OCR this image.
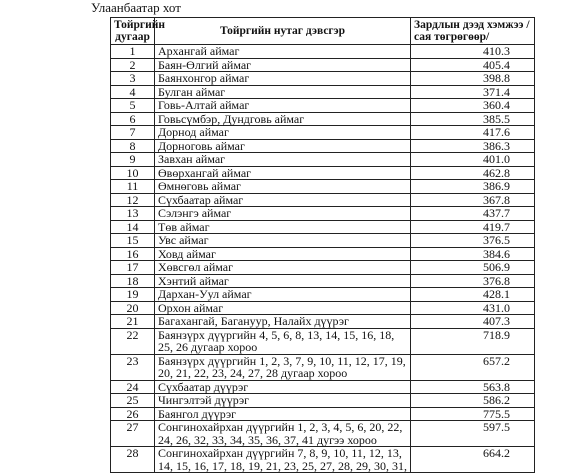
Улаанбаатар хот
Тойргийн дугаар	Тойргийн нутаг дэвсгэр	Зардлын дээд хэмжээ /сая төгрөгөөр/
1	Архангай аймаг	410.3
2	Баян-Өлгий аймаг	405.4
3	Баянхонгор аймаг	398.8
4	Булган аймаг	371.4
5	Говь-Алтай аймаг	360.4
6	Говьсүмбэр, Дундговь аймаг	385.5
7	Дорнод аймаг	417.6
8	Дорноговь аймаг	386.3
9	Завхан аймаг	401.0
10	Өвөрхангай аймаг	462.8
11	Өмнөговь аймаг	386.9
12	Сүхбаатар аймаг	367.8
13	Сэлэнгэ аймаг	437.7
14	Төв аймаг	419.7
15	Увс аймаг	376.5
16	Ховд аймаг	384.6
17	Хөвсгөл аймаг	506.9
18	Хэнтий аймаг	376.8
19	Дархан-Уул аймаг	428.1
20	Орхон аймаг	431.0
21	Багахангай, Багануур, Налайх дүүрэг	407.3
22	Баянзүрх дүүргийн 4, 5, 6, 8, 13, 14, 15, 16, 18, 25, 26 дугаар хороо	718.9
23	Баянзүрх дүүргийн 1, 2, 3, 7, 9, 10, 11, 12, 17, 19, 20, 21, 22, 23, 24, 27, 28 дугаар хороо	657.2
24	Сүхбаатар дүүрэг	563.8
25	Чингэлтэй дүүрэг	586.2
26	Баянгол дүүрэг	775.5
27	Сонгинохайрхан дүүргийн 1, 2, 3, 4, 5, 6, 20, 22, 24, 26, 32, 33, 34, 35, 36, 37, 41 дугээ хороо	597.5
28	Сонгинохайрхан дүүргийн 7, 8, 9, 10, 11, 12, 13, 14, 15, 16, 17, 18, 19, 21, 23, 25, 27, 28, 29, 30, 31,	664.2
